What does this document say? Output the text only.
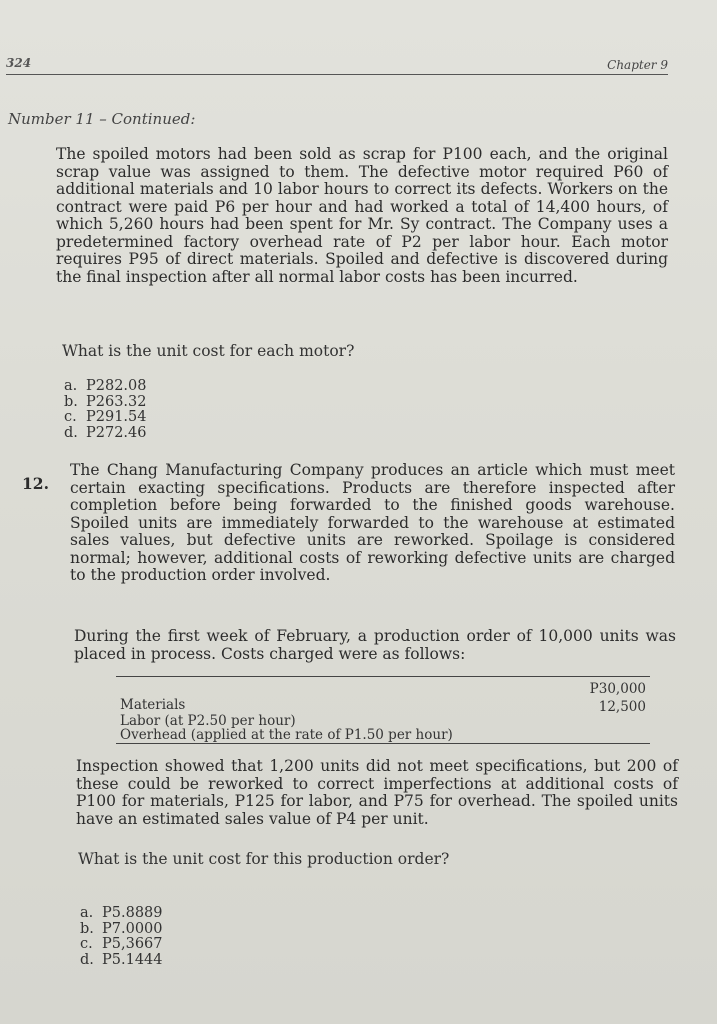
324	Chapter 9
Number 11 – Continued:

The spoiled motors had been sold as scrap for P100 each, and the original scrap value was assigned to them. The defective motor required P60 of additional materials and 10 labor hours to correct its defects. Workers on the contract were paid P6 per hour and had worked a total of 14,400 hours, of which 5,260 hours had been spent for Mr. Sy contract. The Company uses a predetermined factory overhead rate of P2 per labor hour. Each motor requires P95 of direct materials. Spoiled and defective is discovered during the final inspection after all normal labor costs has been incurred.

What is the unit cost for each motor?

a. P282.08
b. P263.32
c. P291.54
d. P272.46
12.

The Chang Manufacturing Company produces an article which must meet certain exacting specifications. Products are therefore inspected after completion before being forwarded to the finished goods warehouse. Spoiled units are immediately forwarded to the warehouse at estimated sales values, but defective units are reworked. Spoilage is considered normal; however, additional costs of reworking defective units are charged to the production order involved.

During the first week of February, a production order of 10,000 units was placed in process. Costs charged were as follows:

P30,000
Materials	12,500
Labor (at P2.50 per hour)
Overhead (applied at the rate of P1.50 per hour)

Inspection showed that 1,200 units did not meet specifications, but 200 of these could be reworked to correct imperfections at additional costs of P100 for materials, P125 for labor, and P75 for overhead. The spoiled units have an estimated sales value of P4 per unit.

What is the unit cost for this production order?

a. P5.8889
b. P7.0000
c. P5,3667
d. P5.1444
